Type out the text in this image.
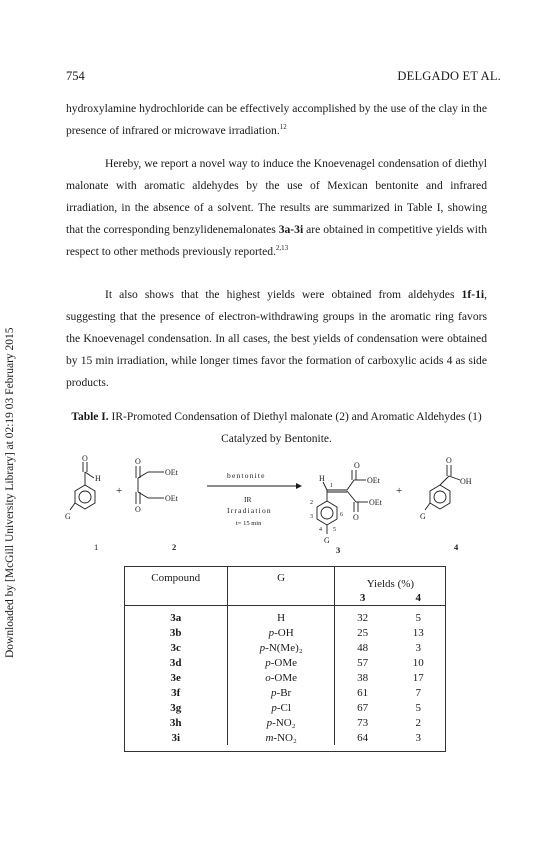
Downloaded by [McGill University Library] at 02:19 03 February 2015
754	DELGADO ET AL.

hydroxylamine hydrochloride can be effectively accomplished by the use of the clay in the presence of infrared or microwave irradiation.$^{12}$

Hereby, we report a novel way to induce the Knoevenagel condensation of diethyl malonate with aromatic aldehydes by the use of Mexican bentonite and infrared irradiation, in the absence of a solvent. The results are summarized in Table I, showing that the corresponding benzylidenemalonates 3a-3i are obtained in competitive yields with respect to other methods previously reported.$^{2,13}$

It also shows that the highest yields were obtained from aldehydes 1f-1i, suggesting that the presence of electron-withdrawing groups in the aromatic ring favors the Knoevenagel condensation. In all cases, the best yields of condensation were obtained by 15 min irradiation, while longer times favor the formation of carboxylic acids 4 as side products.

Table I. IR-Promoted Condensation of Diethyl malonate (2) and Aromatic Aldehydes (1)
Catalyzed by Bentonite.
O
H
G
+
O
OEt
OEt
O
bentonite
IR
Irradiation
t= 15 min
O
OEt
OEt
O
H
G
1
2
3
4 5
6
+
O
OH
G
1	2	3	4
Compound	G	Yields (%)	
		3	4
3a	H	32	5
3b	p-OH	25	13
3c	p-N(Me)₂	48	3
3d	p-OMe	57	10
3e	o-OMe	38	17
3f	p-Br	61	7
3g	p-Cl	67	5
3h	p-NO₂	73	2
3i	m-NO₂	64	3
